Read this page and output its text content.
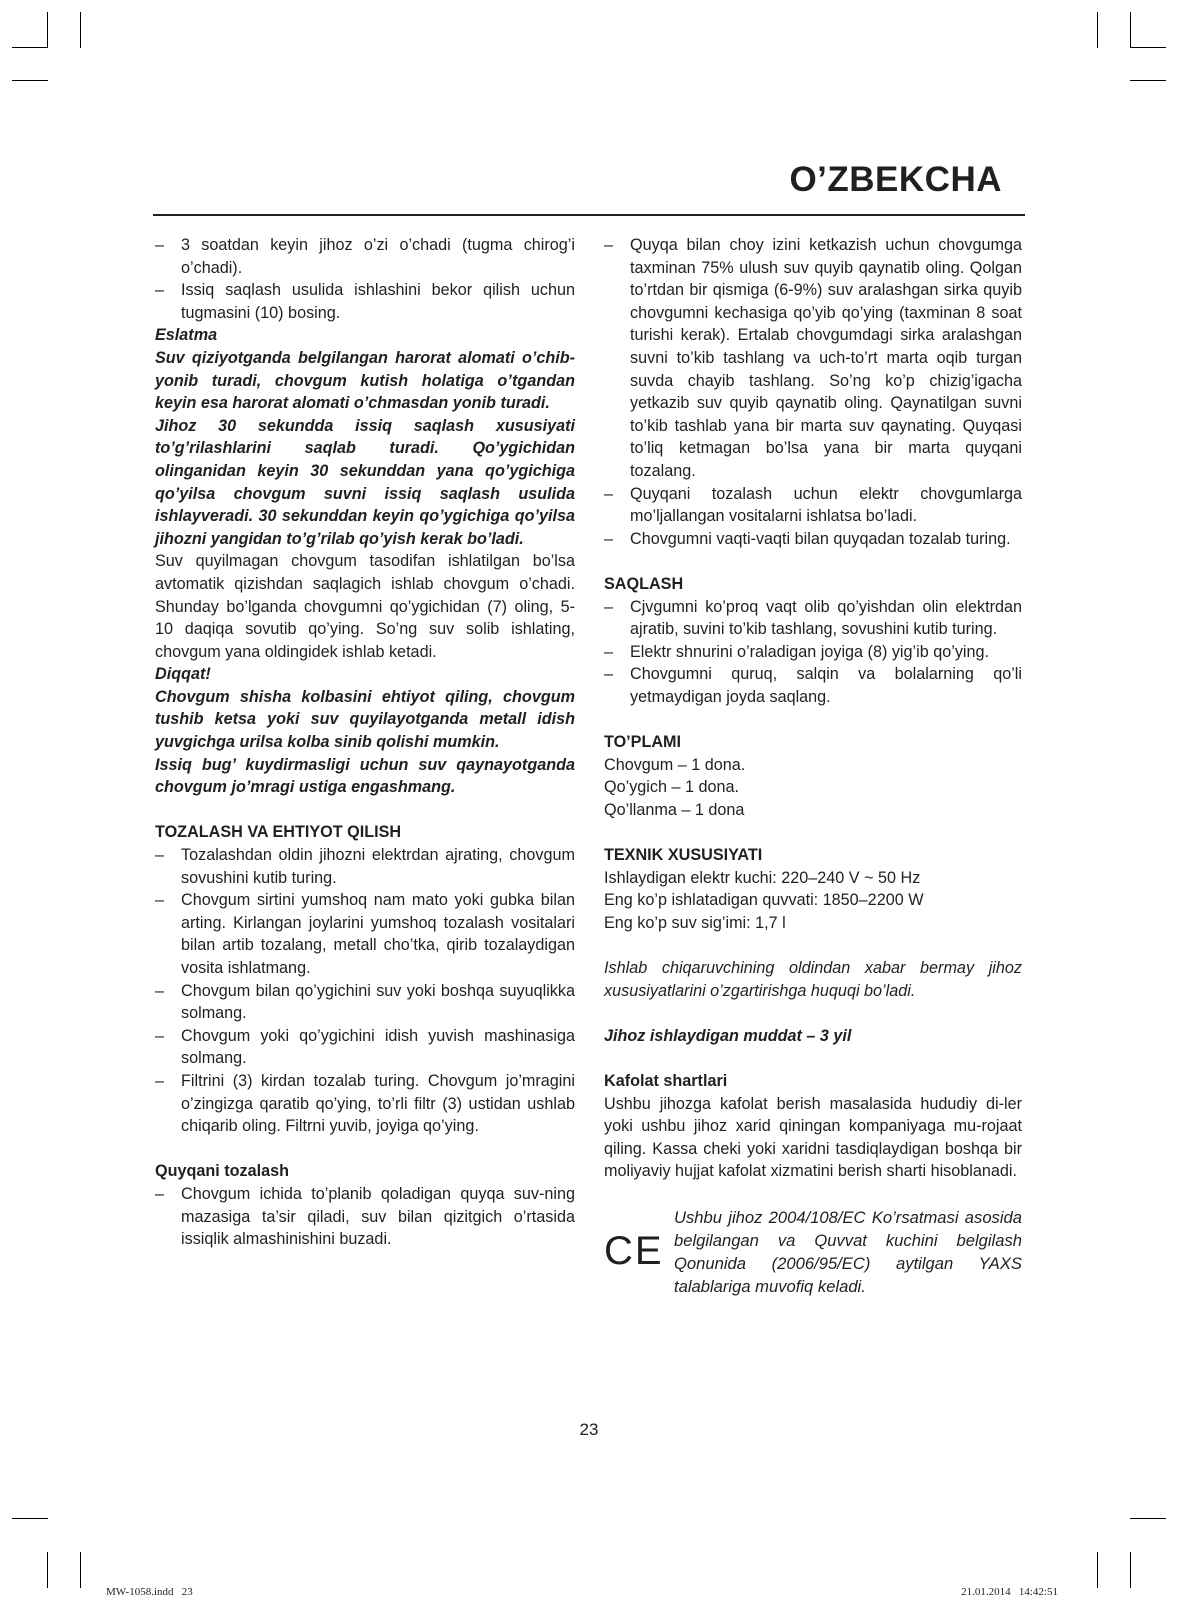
O’ZBEKCHA
–	3 soatdan keyin jihoz o’zi o’chadi (tugma chirog’i o’chadi).
–	Issiq saqlash usulida ishlashini bekor qilish uchun tugmasini (10) bosing.
Eslatma
Suv qiziyotganda belgilangan harorat alomati o’chib-yonib turadi, chovgum kutish holatiga o’tgandan keyin esa harorat alomati o’chmasdan yonib turadi.
Jihoz 30 sekundda issiq saqlash xususiyati to’g’rilashlarini saqlab turadi. Qo’ygichidan olinganidan keyin 30 sekunddan yana qo’ygichiga qo’yilsa chovgum suvni issiq saqlash usulida ishlayveradi. 30 sekunddan keyin qo’ygichiga qo’yilsa jihozni yangidan to’g’rilab qo’yish kerak bo’ladi.
Suv quyilmagan chovgum tasodifan ishlatilgan bo’lsa avtomatik qizishdan saqlagich ishlab chovgum o’chadi. Shunday bo’lganda chovgumni qo’ygichidan (7) oling, 5-10 daqiqa sovutib qo’ying. So’ng suv solib ishlating, chovgum yana oldingidek ishlab ketadi.
Diqqat!
Chovgum shisha kolbasini ehtiyot qiling, chovgum tushib ketsa yoki suv quyilayotganda metall idish yuvgichga urilsa kolba sinib qolishi mumkin.
Issiq bug’ kuydirmasligi uchun suv qaynayotganda chovgum jo’mragi ustiga engashmang.
TOZALASH VA EHTIYOT QILISH
–	Tozalashdan oldin jihozni elektrdan ajrating, chovgum sovushini kutib turing.
–	Chovgum sirtini yumshoq nam mato yoki gubka bilan arting. Kirlangan joylarini yumshoq tozalash vositalari bilan artib tozalang, metall cho’tka, qirib tozalaydigan vosita ishlatmang.
–	Chovgum bilan qo’ygichini suv yoki boshqa suyuqlikka solmang.
–	Chovgum yoki qo’ygichini idish yuvish mashinasiga solmang.
–	Filtrini (3) kirdan tozalab turing. Chovgum jo’mragini o’zingizga qaratib qo’ying, to’rli filtr (3) ustidan ushlab chiqarib oling. Filtrni yuvib, joyiga qo’ying.
Quyqani tozalash
–	Chovgum ichida to’planib qoladigan quyqa suv-ning mazasiga ta’sir qiladi, suv bilan qizitgich o’rtasida issiqlik almashinishini buzadi.
–	Quyqa bilan choy izini ketkazish uchun chovgumga taxminan 75% ulush suv quyib qaynatib oling. Qolgan to’rtdan bir qismiga (6-9%) suv aralashgan sirka quyib chovgumni kechasiga qo’yib qo’ying (taxminan 8 soat turishi kerak). Ertalab chovgumdagi sirka aralashgan suvni to’kib tashlang va uch-to’rt marta oqib turgan suvda chayib tashlang. So’ng ko’p chizig’igacha yetkazib suv quyib qaynatib oling. Qaynatilgan suvni to’kib tashlab yana bir marta suv qaynating. Quyqasi to’liq ketmagan bo’lsa yana bir marta quyqani tozalang.
–	Quyqani tozalash uchun elektr chovgumlarga mo’ljallangan vositalarni ishlatsa bo’ladi.
–	Chovgumni vaqti-vaqti bilan quyqadan tozalab turing.
SAQLASH
–	Cjvgumni ko’proq vaqt olib qo’yishdan olin elektrdan ajratib, suvini to’kib tashlang, sovushini kutib turing.
–	Elektr shnurini o’raladigan joyiga (8) yig’ib qo’ying.
–	Chovgumni quruq, salqin va bolalarning qo’li yetmaydigan joyda saqlang.
TO’PLAMI
Chovgum – 1 dona.
Qo’ygich – 1 dona.
Qo’llanma – 1 dona
TEXNIK XUSUSIYATI
Ishlaydigan elektr kuchi: 220–240 V ~ 50 Hz
Eng ko’p ishlatadigan quvvati: 1850–2200 W
Eng ko’p suv sig’imi: 1,7 l
Ishlab chiqaruvchining oldindan xabar bermay jihoz xususiyatlarini o’zgartirishga huquqi bo’ladi.
Jihoz ishlaydigan muddat – 3 yil
Kafolat shartlari
Ushbu jihozga kafolat berish masalasida hududiy di-ler yoki ushbu jihoz xarid qiningan kompaniyaga mu-rojaat qiling. Kassa cheki yoki xaridni tasdiqlaydigan boshqa bir moliyaviy hujjat kafolat xizmatini berish sharti hisoblanadi.
CE
Ushbu jihoz 2004/108/EC Ko’rsatmasi asosida belgilangan va Quvvat kuchini belgilash Qonunida (2006/95/EC) aytilgan YAXS talablariga muvofiq keladi.
23
MW-1058.indd   23	21.01.2014   14:42:51
